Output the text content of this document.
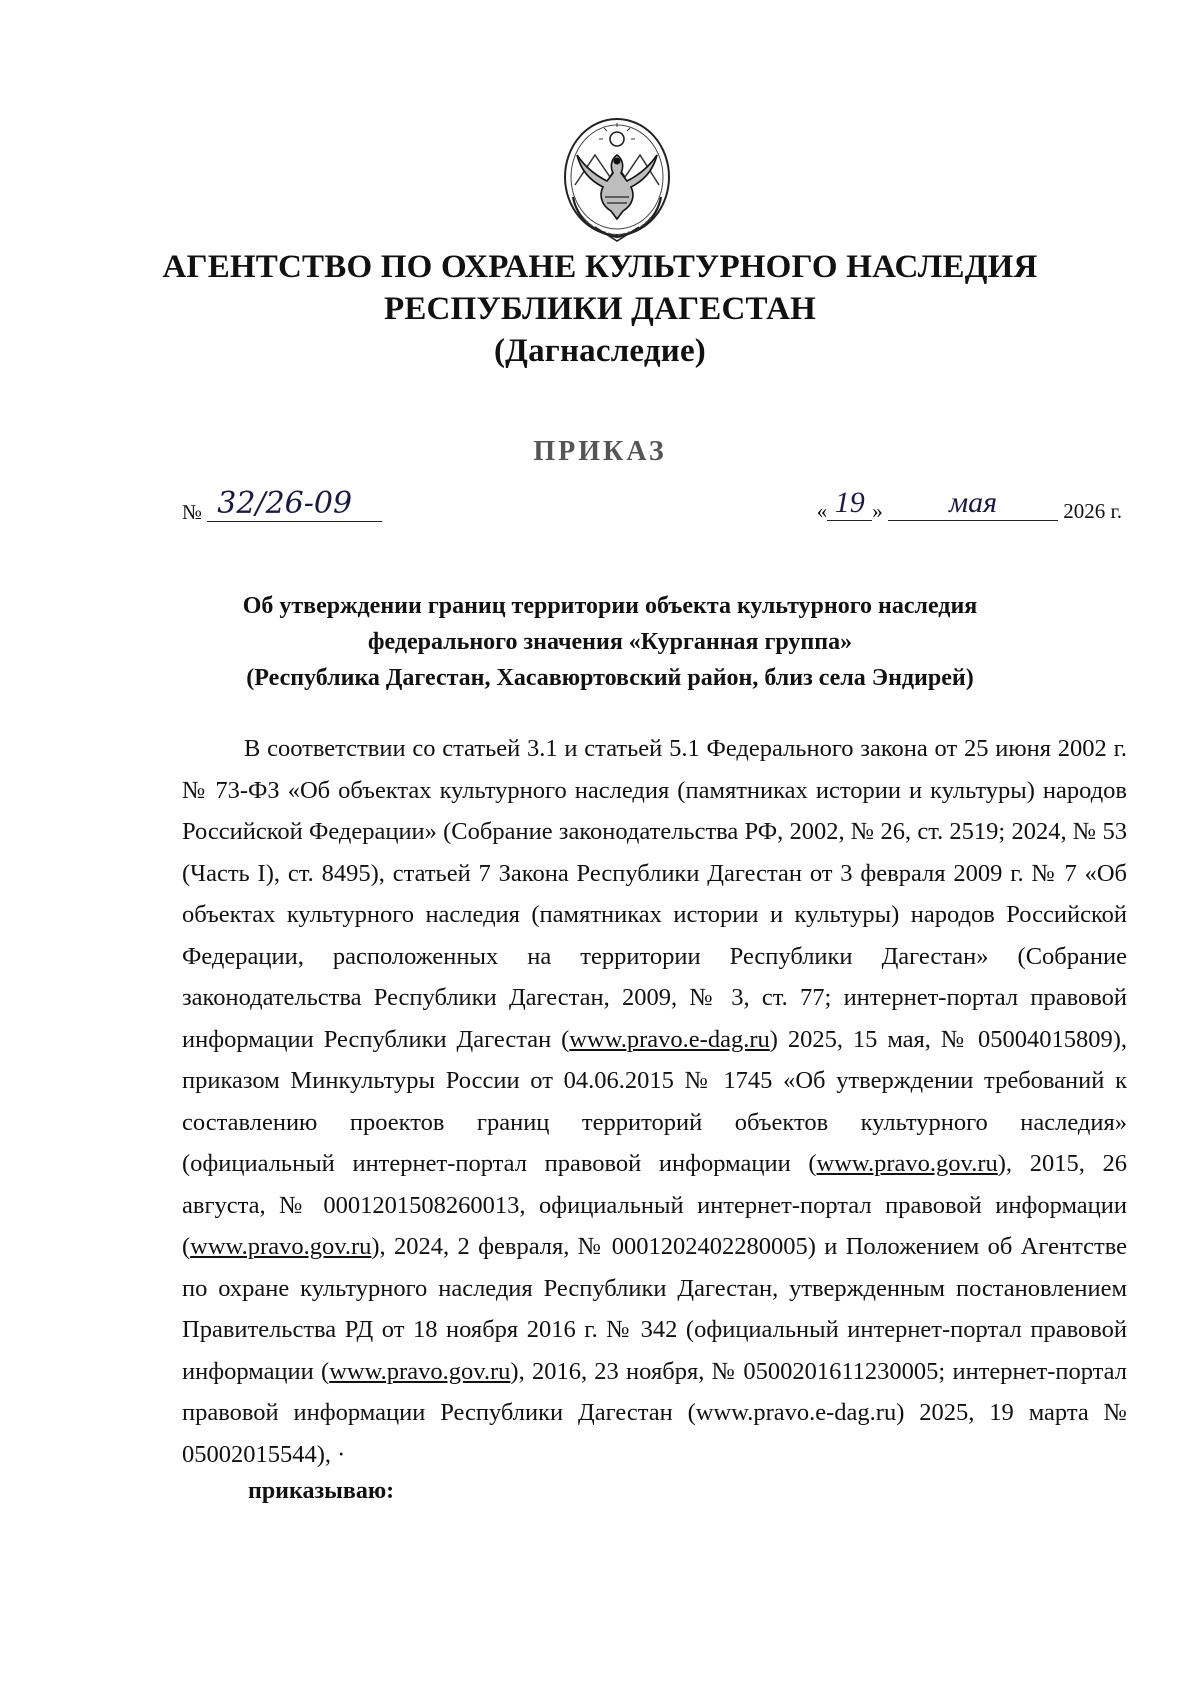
АГЕНТСТВО ПО ОХРАНЕ КУЛЬТУРНОГО НАСЛЕДИЯ
РЕСПУБЛИКИ ДАГЕСТАН
(Дагнаследие)
ПРИКАЗ
№ 32/26-09	« 19 » мая	2026 г.
Об утверждении границ территории объекта культурного наследия
федерального значения «Курганная группа»
(Республика Дагестан, Хасавюртовский район, близ села Эндирей)
В соответствии со статьей 3.1 и статьей 5.1 Федерального закона от 25 июня 2002 г. № 73-ФЗ «Об объектах культурного наследия (памятниках истории и культуры) народов Российской Федерации» (Собрание законодательства РФ, 2002, № 26, ст. 2519; 2024, № 53 (Часть I), ст. 8495), статьей 7 Закона Республики Дагестан от 3 февраля 2009 г. № 7 «Об объектах культурного наследия (памятниках истории и культуры) народов Российской Федерации, расположенных на территории Республики Дагестан» (Собрание законодательства Республики Дагестан, 2009, № 3, ст. 77; интернет-портал правовой информации Республики Дагестан (www.pravo.e-dag.ru) 2025, 15 мая, № 05004015809), приказом Минкультуры России от 04.06.2015 № 1745 «Об утверждении требований к составлению проектов границ территорий объектов культурного наследия» (официальный интернет-портал правовой информации (www.pravo.gov.ru), 2015, 26 августа, № 0001201508260013, официальный интернет-портал правовой информации (www.pravo.gov.ru), 2024, 2 февраля, № 0001202402280005) и Положением об Агентстве по охране культурного наследия Республики Дагестан, утвержденным постановлением Правительства РД от 18 ноября 2016 г. № 342 (официальный интернет-портал правовой информации (www.pravo.gov.ru), 2016, 23 ноября, № 0500201611230005; интернет-портал правовой информации Республики Дагестан (www.pravo.e-dag.ru) 2025, 19 марта № 05002015544), ·
приказываю:
